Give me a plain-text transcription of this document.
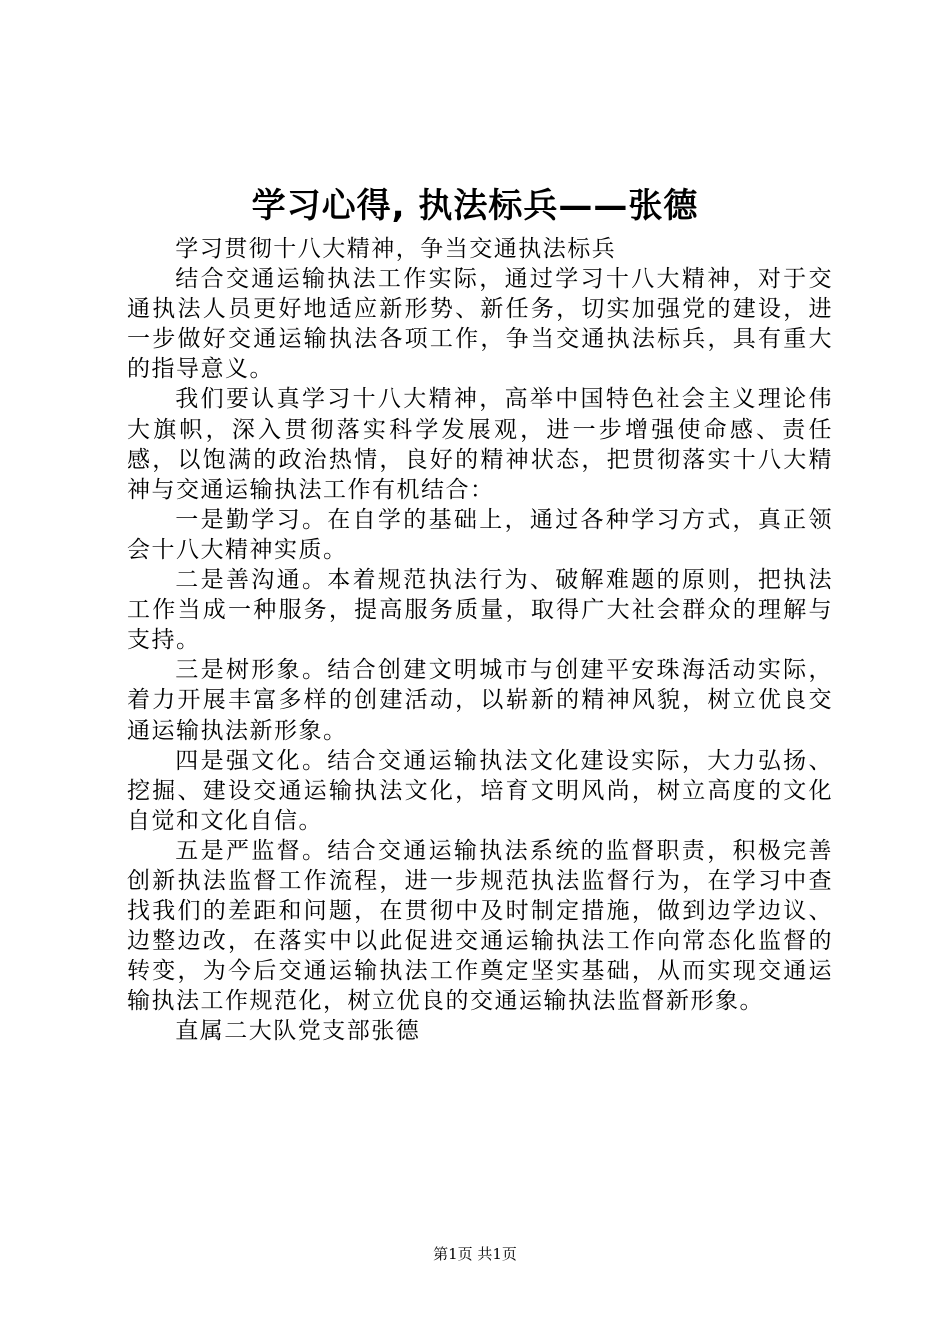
学习心得, 执法标兵——张德

学习贯彻十八大精神，争当交通执法标兵

结合交通运输执法工作实际，通过学习十八大精神，对于交通执法人员更好地适应新形势、新任务，切实加强党的建设，进一步做好交通运输执法各项工作，争当交通执法标兵，具有重大的指导意义。

我们要认真学习十八大精神，高举中国特色社会主义理论伟大旗帜，深入贯彻落实科学发展观，进一步增强使命感、责任感，以饱满的政治热情，良好的精神状态，把贯彻落实十八大精神与交通运输执法工作有机结合：

一是勤学习。在自学的基础上，通过各种学习方式，真正领会十八大精神实质。

二是善沟通。本着规范执法行为、破解难题的原则，把执法工作当成一种服务，提高服务质量，取得广大社会群众的理解与支持。

三是树形象。结合创建文明城市与创建平安珠海活动实际，着力开展丰富多样的创建活动，以崭新的精神风貌，树立优良交通运输执法新形象。

四是强文化。结合交通运输执法文化建设实际，大力弘扬、挖掘、建设交通运输执法文化，培育文明风尚，树立高度的文化自觉和文化自信。

五是严监督。结合交通运输执法系统的监督职责，积极完善创新执法监督工作流程，进一步规范执法监督行为，在学习中查找我们的差距和问题，在贯彻中及时制定措施，做到边学边议、边整边改，在落实中以此促进交通运输执法工作向常态化监督的转变，为今后交通运输执法工作奠定坚实基础，从而实现交通运输执法工作规范化，树立优良的交通运输执法监督新形象。

直属二大队党支部张德

第1页 共1页
